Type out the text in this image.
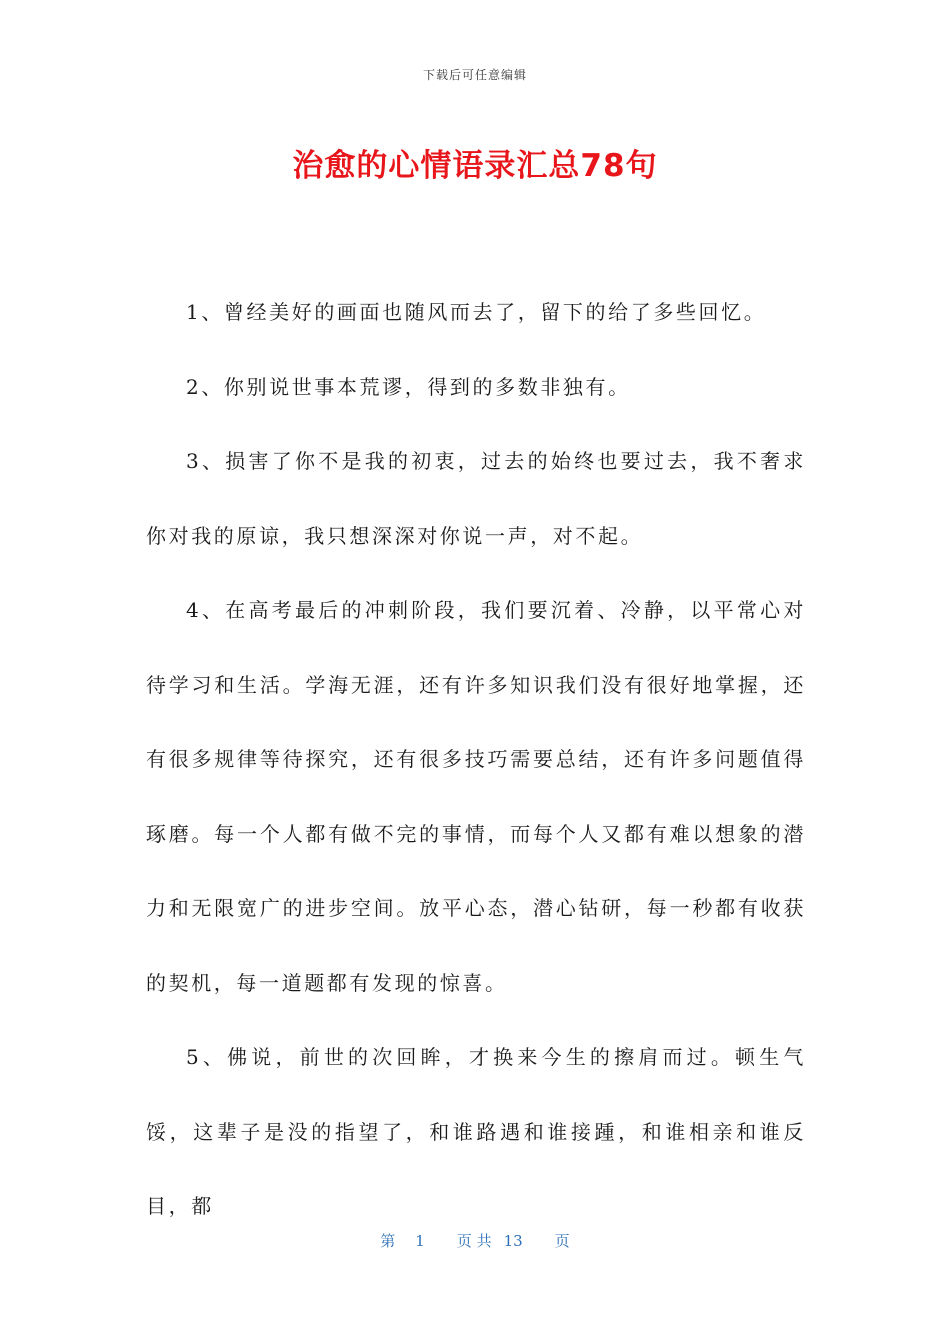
下载后可任意编辑
治愈的心情语录汇总78句

1、曾经美好的画面也随风而去了，留下的给了多些回忆。

2、你别说世事本荒谬，得到的多数非独有。

3、损害了你不是我的初衷，过去的始终也要过去，我不奢求你对我的原谅，我只想深深对你说一声，对不起。

4、在高考最后的冲刺阶段，我们要沉着、冷静，以平常心对待学习和生活。学海无涯，还有许多知识我们没有很好地掌握，还有很多规律等待探究，还有很多技巧需要总结，还有许多问题值得琢磨。每一个人都有做不完的事情，而每个人又都有难以想象的潜力和无限宽广的进步空间。放平心态，潜心钻研，每一秒都有收获的契机，每一道题都有发现的惊喜。

5、佛说，前世的次回眸，才换来今生的擦肩而过。顿生气馁，这辈子是没的指望了，和谁路遇和谁接踵，和谁相亲和谁反目，都

第 1 页 共 13 页
